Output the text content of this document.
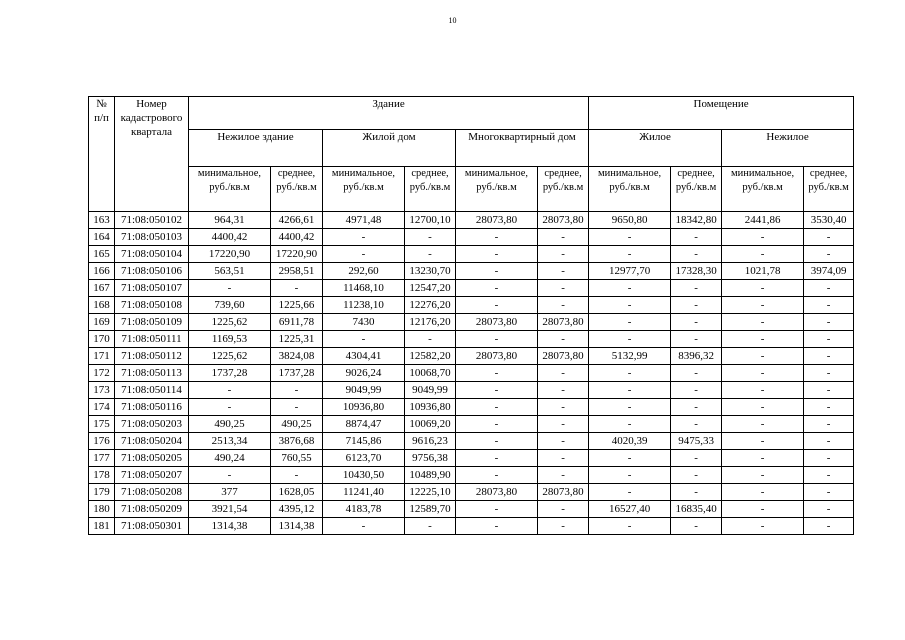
10
№ п/п	Номер кадастрового квартала	Здание						Помещение			
		Нежилое здание		Жилой дом		Многоквартирный дом		Жилое		Нежилое	
		минимальное, руб./кв.м	среднее, руб./кв.м	минимальное, руб./кв.м	среднее, руб./кв.м	минимальное, руб./кв.м	среднее, руб./кв.м	минимальное, руб./кв.м	среднее, руб./кв.м	минимальное, руб./кв.м	среднее, руб./кв.м
163	71:08:050102	964,31	4266,61	4971,48	12700,10	28073,80	28073,80	9650,80	18342,80	2441,86	3530,40
164	71:08:050103	4400,42	4400,42	-	-	-	-	-	-	-	-
165	71:08:050104	17220,90	17220,90	-	-	-	-	-	-	-	-
166	71:08:050106	563,51	2958,51	292,60	13230,70	-	-	12977,70	17328,30	1021,78	3974,09
167	71:08:050107	-	-	11468,10	12547,20	-	-	-	-	-	-
168	71:08:050108	739,60	1225,66	11238,10	12276,20	-	-	-	-	-	-
169	71:08:050109	1225,62	6911,78	7430	12176,20	28073,80	28073,80	-	-	-	-
170	71:08:050111	1169,53	1225,31	-	-	-	-	-	-	-	-
171	71:08:050112	1225,62	3824,08	4304,41	12582,20	28073,80	28073,80	5132,99	8396,32	-	-
172	71:08:050113	1737,28	1737,28	9026,24	10068,70	-	-	-	-	-	-
173	71:08:050114	-	-	9049,99	9049,99	-	-	-	-	-	-
174	71:08:050116	-	-	10936,80	10936,80	-	-	-	-	-	-
175	71:08:050203	490,25	490,25	8874,47	10069,20	-	-	-	-	-	-
176	71:08:050204	2513,34	3876,68	7145,86	9616,23	-	-	4020,39	9475,33	-	-
177	71:08:050205	490,24	760,55	6123,70	9756,38	-	-	-	-	-	-
178	71:08:050207	-	-	10430,50	10489,90	-	-	-	-	-	-
179	71:08:050208	377	1628,05	11241,40	12225,10	28073,80	28073,80	-	-	-	-
180	71:08:050209	3921,54	4395,12	4183,78	12589,70	-	-	16527,40	16835,40	-	-
181	71:08:050301	1314,38	1314,38	-	-	-	-	-	-	-	-
